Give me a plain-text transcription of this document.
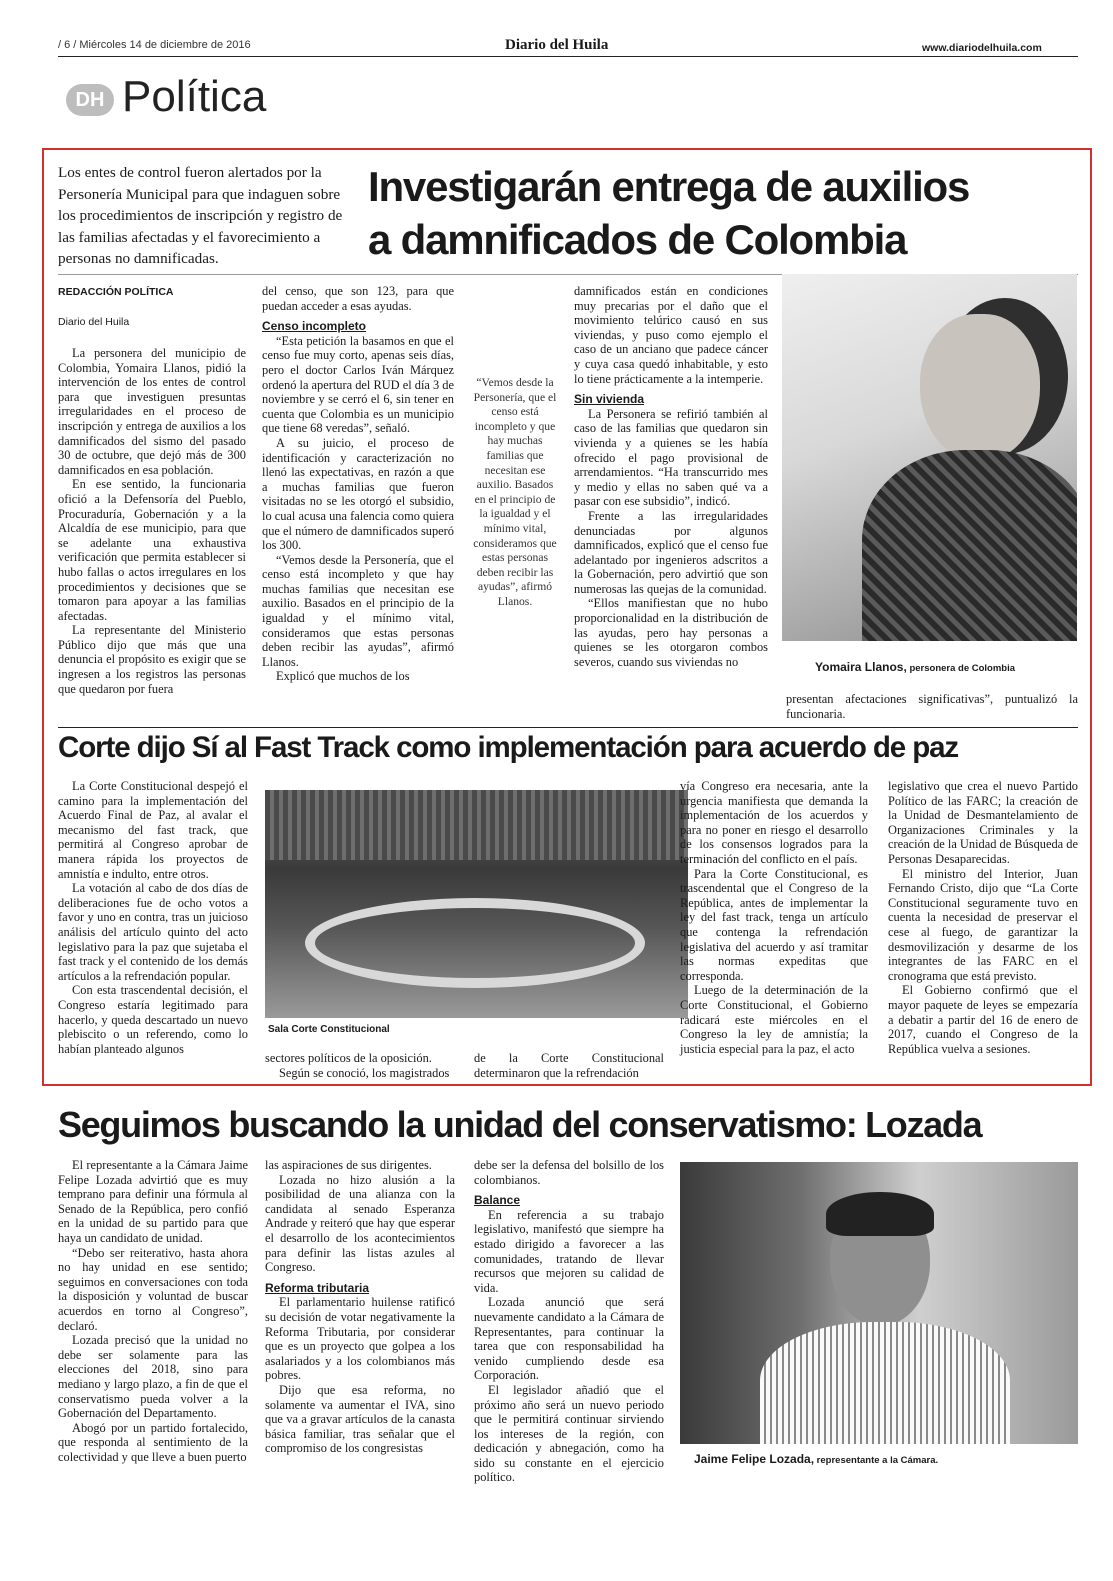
/ 6 / Miércoles 14 de diciembre de 2016	Diario del Huila	www.diariodelhuila.com
DH Política
Los entes de control fueron alertados por la Personería Municipal para que indaguen sobre los procedimientos de inscripción y registro de las familias afectadas y el favorecimiento a personas no damnificadas.
Investigarán entrega de auxilios
a damnificados de Colombia
REDACCIÓN POLÍTICA
Diario del Huila

La personera del municipio de Colombia, Yomaira Llanos, pidió la intervención de los entes de control para que investiguen presuntas irregularidades en el proceso de inscripción y entrega de auxilios a los damnificados del sismo del pasado 30 de octubre, que dejó más de 300 damnificados en esa población.

En ese sentido, la funcionaria ofició a la Defensoría del Pueblo, Procuraduría, Gobernación y a la Alcaldía de ese municipio, para que se adelante una exhaustiva verificación que permita establecer si hubo fallas o actos irregulares en los procedimientos y decisiones que se tomaron para apoyar a las familias afectadas.

La representante del Ministerio Público dijo que más que una denuncia el propósito es exigir que se ingresen a los registros las personas que quedaron por fuera

del censo, que son 123, para que puedan acceder a esas ayudas.

Censo incompleto

“Esta petición la basamos en que el censo fue muy corto, apenas seis días, pero el doctor Carlos Iván Márquez ordenó la apertura del RUD el día 3 de noviembre y se cerró el 6, sin tener en cuenta que Colombia es un municipio que tiene 68 veredas”, señaló.

A su juicio, el proceso de identificación y caracterización no llenó las expectativas, en razón a que a muchas familias que fueron visitadas no se les otorgó el subsidio, lo cual acusa una falencia como quiera que el número de damnificados superó los 300.

“Vemos desde la Personería, que el censo está incompleto y que hay muchas familias que necesitan ese auxilio. Basados en el principio de la igualdad y el mínimo vital, consideramos que estas personas deben recibir las ayudas”, afirmó Llanos.

Explicó que muchos de los

“Vemos desde la Personería, que el censo está incompleto y que hay muchas familias que necesitan ese auxilio. Basados en el principio de la igualdad y el mínimo vital, consideramos que estas personas deben recibir las ayudas”, afirmó Llanos.

damnificados están en condiciones muy precarias por el daño que el movimiento telúrico causó en sus viviendas, y puso como ejemplo el caso de un anciano que padece cáncer y cuya casa quedó inhabitable, y esto lo tiene prácticamente a la intemperie.

Sin vivienda

La Personera se refirió también al caso de las familias que quedaron sin vivienda y a quienes se les había ofrecido el pago provisional de arrendamientos. “Ha transcurrido mes y medio y ellas no saben qué va a pasar con ese subsidio”, indicó.

Frente a las irregularidades denunciadas por algunos damnificados, explicó que el censo fue adelantado por ingenieros adscritos a la Gobernación, pero advirtió que son numerosas las quejas de la comunidad.

“Ellos manifiestan que no hubo proporcionalidad en la distribución de las ayudas, pero hay personas a quienes se les otorgaron combos severos, cuando sus viviendas no	Yomaira Llanos, personera de Colombia
presentan afectaciones significativas”, puntualizó la funcionaria.
Corte dijo Sí al Fast Track como implementación para acuerdo de paz

La Corte Constitucional despejó el camino para la implementación del Acuerdo Final de Paz, al avalar el mecanismo del fast track, que permitirá al Congreso aprobar de manera rápida los proyectos de amnistía e indulto, entre otros.

La votación al cabo de dos días de deliberaciones fue de ocho votos a favor y uno en contra, tras un juicioso análisis del artículo quinto del acto legislativo para la paz que sujetaba el fast track y el contenido de los demás artículos a la refrendación popular.

Con esta trascendental decisión, el Congreso estaría legitimado para hacerlo, y queda descartado un nuevo plebiscito o un referendo, como lo habían planteado algunos

Sala Corte Constitucional

sectores políticos de la oposición.

Según se conoció, los magistrados

de la Corte Constitucional determinaron que la refrendación

vía Congreso era necesaria, ante la urgencia manifiesta que demanda la implementación de los acuerdos y para no poner en riesgo el desarrollo de los consensos logrados para la terminación del conflicto en el país.

Para la Corte Constitucional, es trascendental que el Congreso de la República, antes de implementar la ley del fast track, tenga un artículo que contenga la refrendación legislativa del acuerdo y así tramitar las normas expeditas que corresponda.

Luego de la determinación de la Corte Constitucional, el Gobierno radicará este miércoles en el Congreso la ley de amnistía; la justicia especial para la paz, el acto

legislativo que crea el nuevo Partido Político de las FARC; la creación de la Unidad de Desmantelamiento de Organizaciones Criminales y la creación de la Unidad de Búsqueda de Personas Desaparecidas.

El ministro del Interior, Juan Fernando Cristo, dijo que “La Corte Constitucional seguramente tuvo en cuenta la necesidad de preservar el cese al fuego, de garantizar la desmovilización y desarme de los integrantes de las FARC en el cronograma que está previsto.

El Gobierno confirmó que el mayor paquete de leyes se empezaría a debatir a partir del 16 de enero de 2017, cuando el Congreso de la República vuelva a sesiones.

Seguimos buscando la unidad del conservatismo: Lozada

El representante a la Cámara Jaime Felipe Lozada advirtió que es muy temprano para definir una fórmula al Senado de la República, pero confió en la unidad de su partido para que haya un candidato de unidad.

“Debo ser reiterativo, hasta ahora no hay unidad en ese sentido; seguimos en conversaciones con toda la disposición y voluntad de buscar acuerdos en torno al Congreso”, declaró.

Lozada precisó que la unidad no debe ser solamente para las elecciones del 2018, sino para mediano y largo plazo, a fin de que el conservatismo pueda volver a la Gobernación del Departamento.

Abogó por un partido fortalecido, que responda al sentimiento de la colectividad y que lleve a buen puerto

las aspiraciones de sus dirigentes.

Lozada no hizo alusión a la posibilidad de una alianza con la candidata al senado Esperanza Andrade y reiteró que hay que esperar el desarrollo de los acontecimientos para definir las listas azules al Congreso.

Reforma tributaria

El parlamentario huilense ratificó su decisión de votar negativamente la Reforma Tributaria, por considerar que es un proyecto que golpea a los asalariados y a los colombianos más pobres.

Dijo que esa reforma, no solamente va aumentar el IVA, sino que va a gravar artículos de la canasta básica familiar, tras señalar que el compromiso de los congresistas

debe ser la defensa del bolsillo de los colombianos.

Balance

En referencia a su trabajo legislativo, manifestó que siempre ha estado dirigido a favorecer a las comunidades, tratando de llevar recursos que mejoren su calidad de vida.

Lozada anunció que será nuevamente candidato a la Cámara de Representantes, para continuar la tarea que con responsabilidad ha venido cumpliendo desde esa Corporación.

El legislador añadió que el próximo año será un nuevo periodo que le permitirá continuar sirviendo los intereses de la región, con dedicación y abnegación, como ha sido su constante en el ejercicio político.

Jaime Felipe Lozada, representante a la Cámara.
